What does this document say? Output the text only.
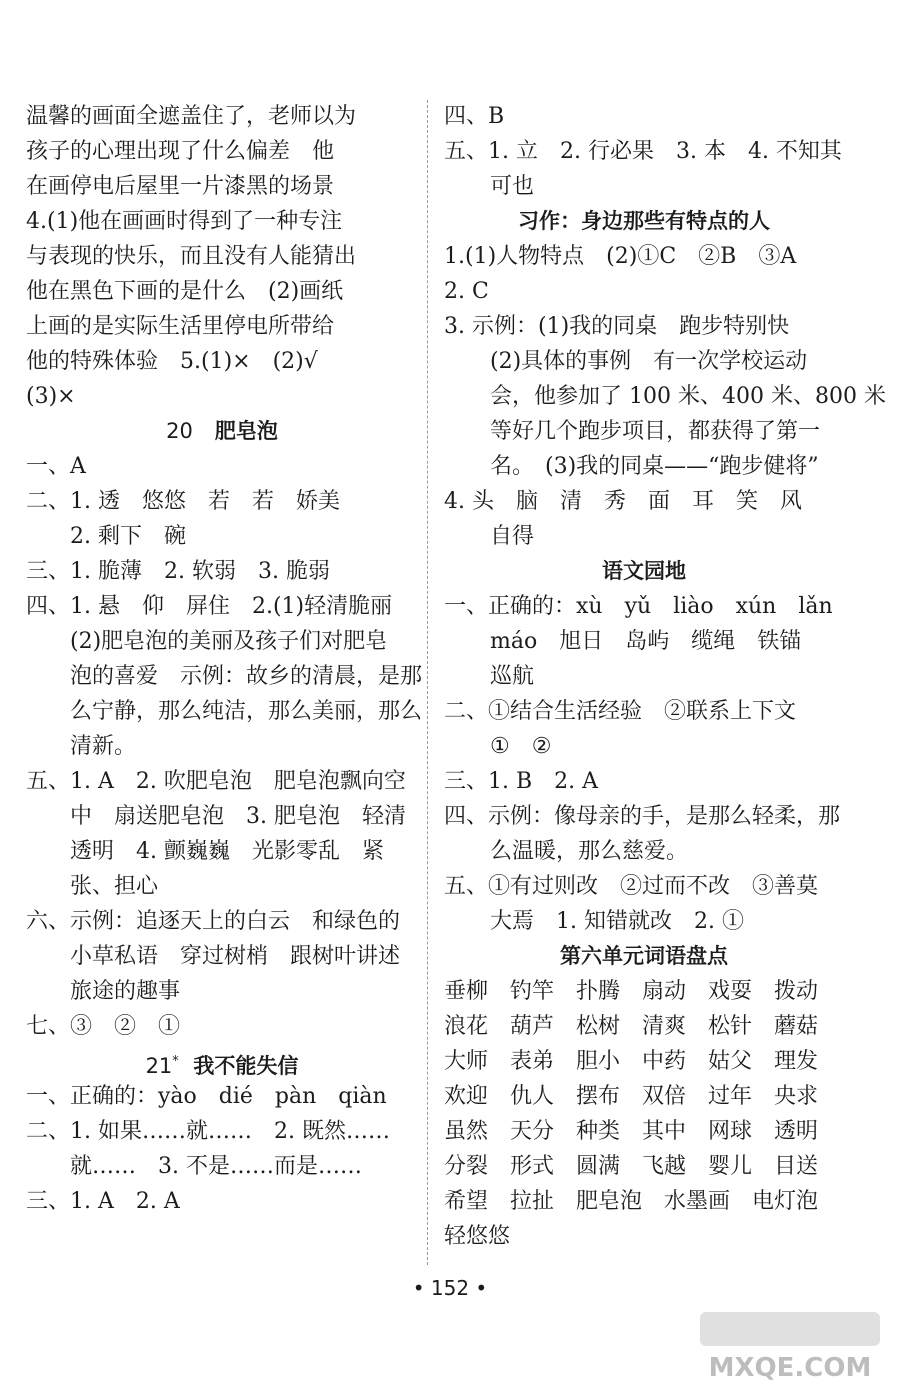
温馨的画面全遮盖住了，老师以为
孩子的心理出现了什么偏差　他
在画停电后屋里一片漆黑的场景
4.(1)他在画画时得到了一种专注
与表现的快乐，而且没有人能猜出
他在黑色下画的是什么　(2)画纸
上画的是实际生活里停电所带给
他的特殊体验　5.(1)×　(2)√
(3)×
20 肥皂泡
一、A
二、1. 透　悠悠　若　若　娇美
2. 剩下　碗
三、1. 脆薄　2. 软弱　3. 脆弱
四、1. 悬　仰　屏住　2.(1)轻清脆丽
(2)肥皂泡的美丽及孩子们对肥皂
泡的喜爱　示例：故乡的清晨，是那
么宁静，那么纯洁，那么美丽，那么
清新。
五、1. A　2. 吹肥皂泡　肥皂泡飘向空
中　扇送肥皂泡　3. 肥皂泡　轻清
透明　4. 颤巍巍　光影零乱　紧
张、担心
六、示例：追逐天上的白云　和绿色的
小草私语　穿过树梢　跟树叶讲述
旅途的趣事
七、③　②　①
21* 我不能失信
一、正确的：yào　dié　pàn　qiàn
二、1. 如果……就……　2. 既然……
就……　3. 不是……而是……
三、1. A　2. A
四、B
五、1. 立　2. 行必果　3. 本　4. 不知其
可也
习作：身边那些有特点的人
1.(1)人物特点　(2)①C　②B　③A
2. C
3. 示例：(1)我的同桌　跑步特别快
(2)具体的事例　有一次学校运动
会，他参加了 100 米、400 米、800 米
等好几个跑步项目，都获得了第一
名。　(3)我的同桌——“跑步健将”
4. 头　脑　清　秀　面　耳　笑　风
自得
语文园地
一、正确的：xù　yǔ　liào　xún　lǎn
máo　旭日　岛屿　缆绳　铁锚
巡航
二、①结合生活经验　②联系上下文
①　②
三、1. B　2. A
四、示例：像母亲的手，是那么轻柔，那
么温暖，那么慈爱。
五、①有过则改　②过而不改　③善莫
大焉　1. 知错就改　2. ①
第六单元词语盘点
垂柳 钓竿 扑腾 扇动 戏耍 拨动
浪花 葫芦 松树 清爽 松针 蘑菇
大师 表弟 胆小 中药 姑父 理发
欢迎 仇人 摆布 双倍 过年 央求
虽然 天分 种类 其中 网球 透明
分裂 形式 圆满 飞越 婴儿 目送
希望 拉扯 肥皂泡 水墨画 电灯泡
轻悠悠
• 152 •
MXQE.COM
